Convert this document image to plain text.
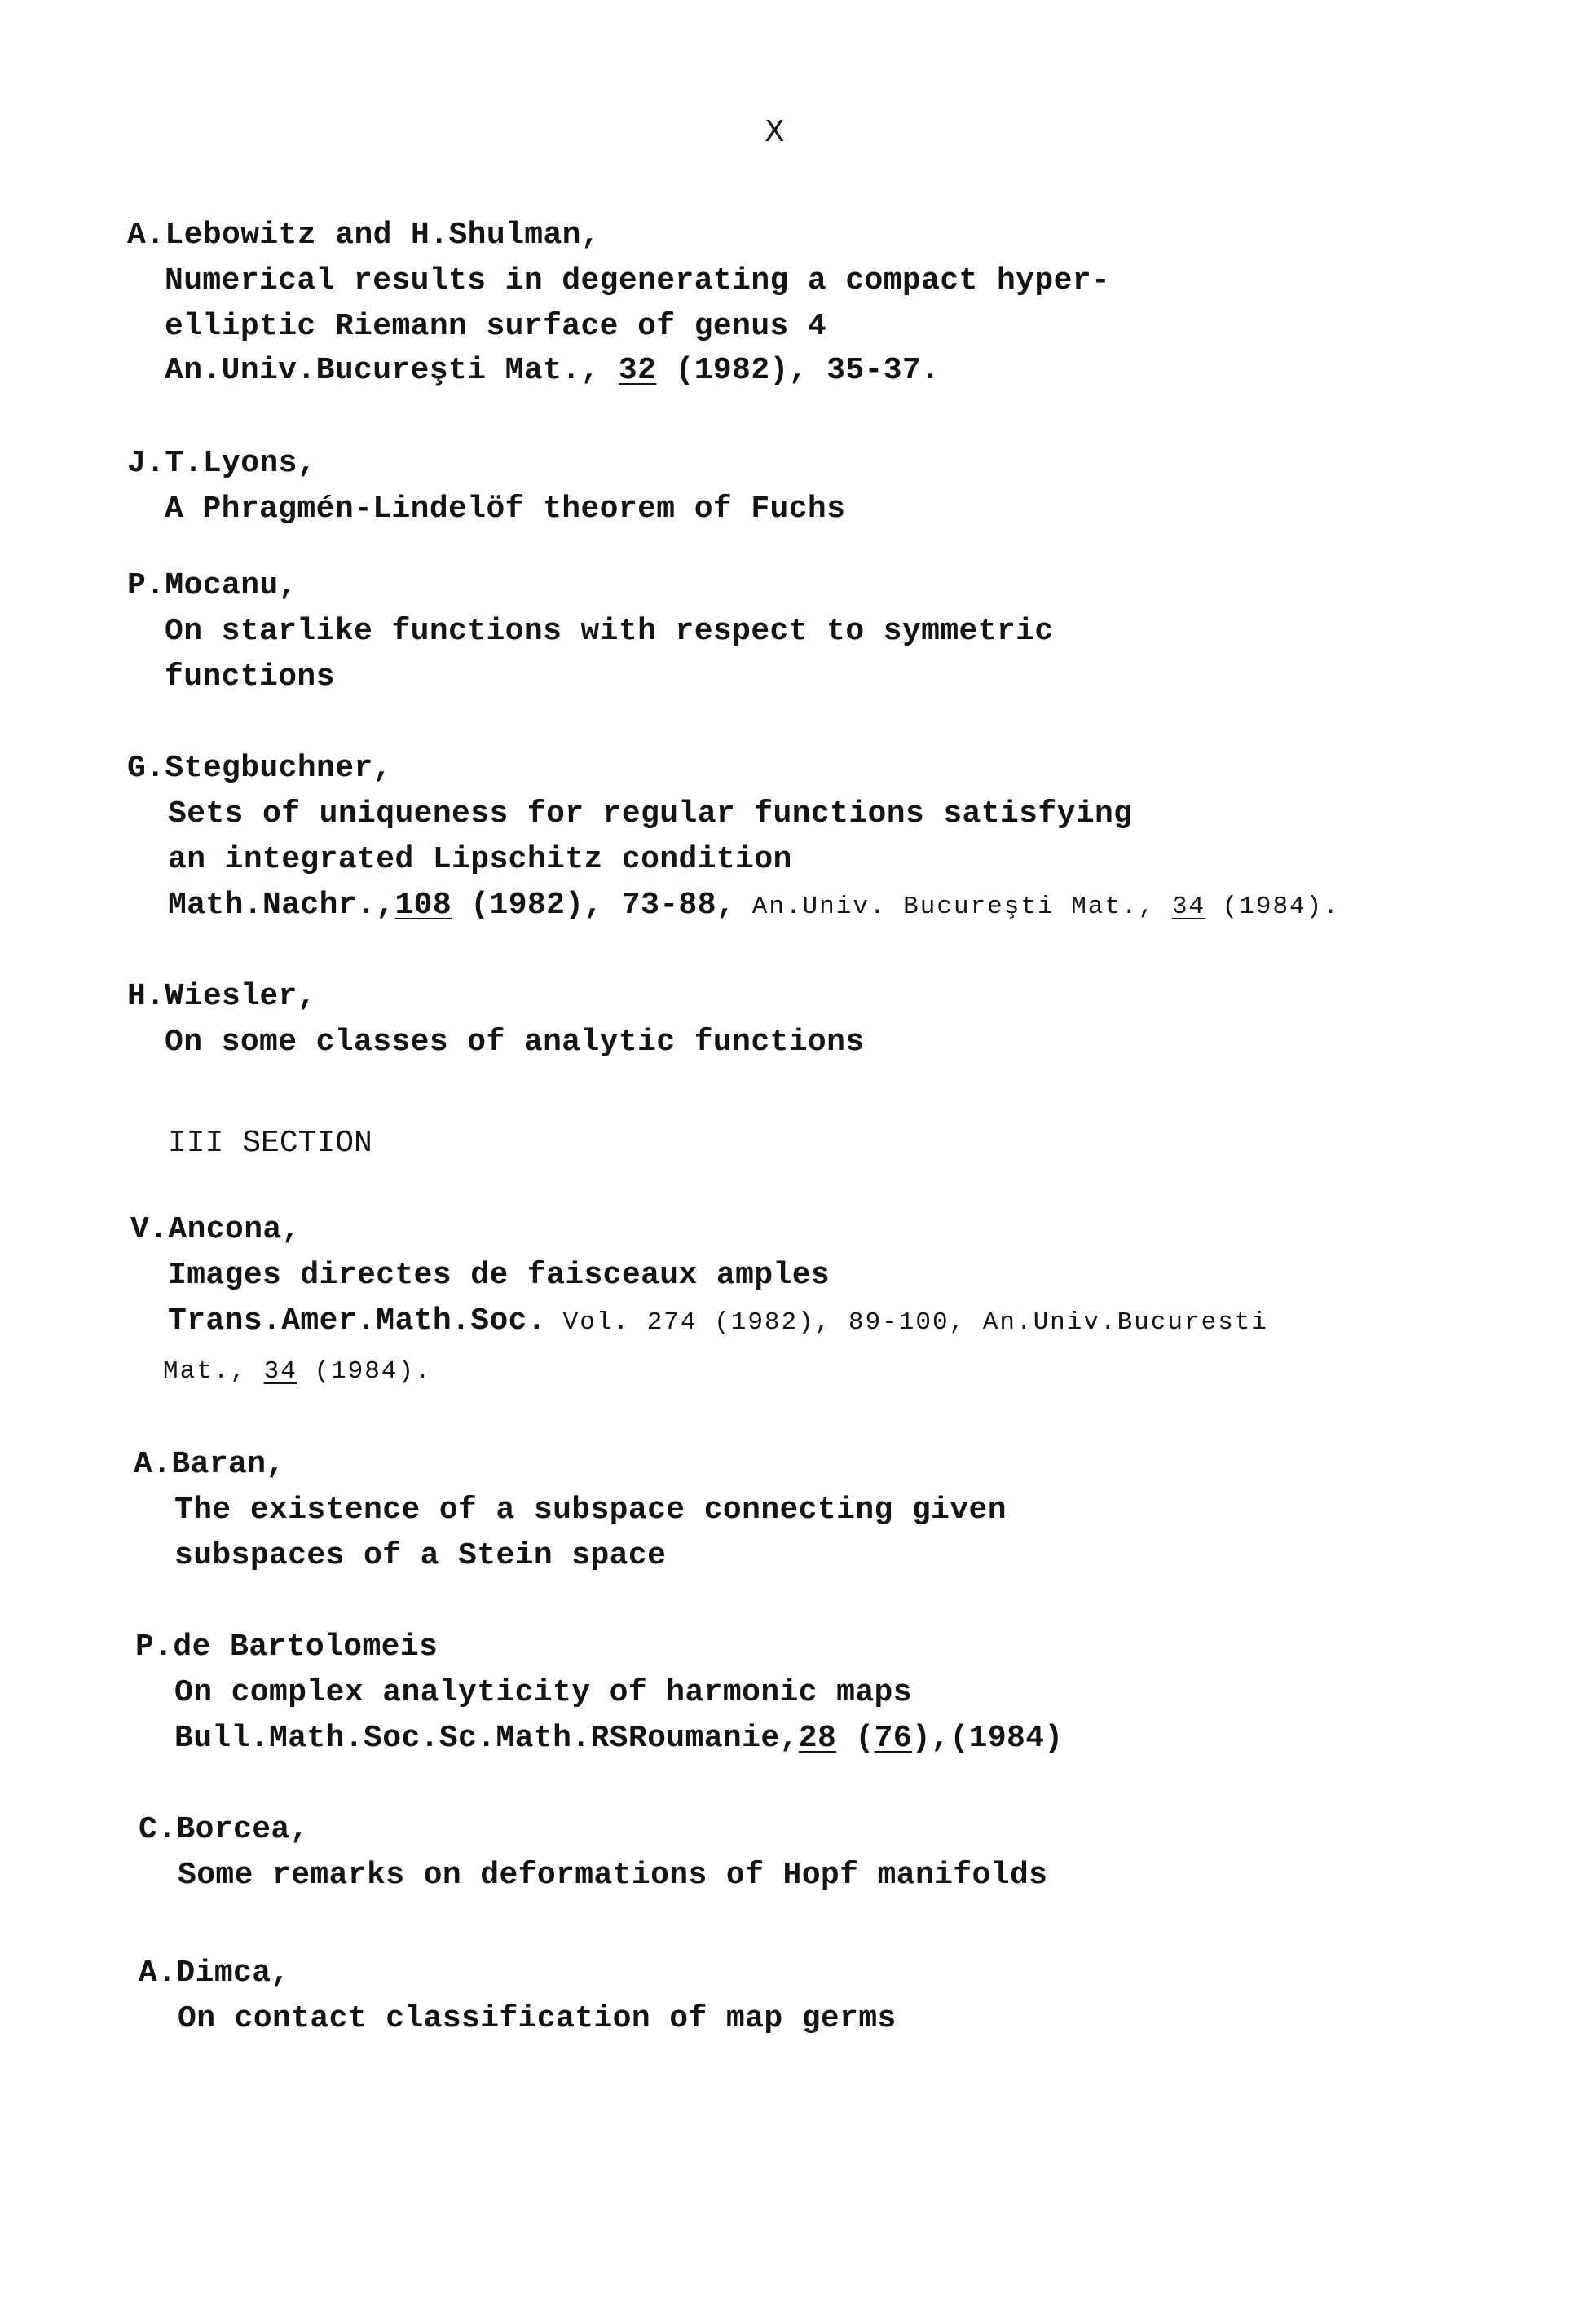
X
A.Lebowitz and H.Shulman,
Numerical results in degenerating a compact hyper-
elliptic Riemann surface of genus 4
An.Univ.Bucureşti Mat., 32 (1982), 35-37.
J.T.Lyons,
A Phragmén-Lindelöf theorem of Fuchs
P.Mocanu,
On starlike functions with respect to symmetric
functions
G.Stegbuchner,
Sets of uniqueness for regular functions satisfying
an integrated Lipschitz condition
Math.Nachr.,108 (1982), 73-88, An.Univ. Bucureşti Mat., 34 (1984).
H.Wiesler,
On some classes of analytic functions
III SECTION
V.Ancona,
Images directes de faisceaux amples
Trans.Amer.Math.Soc. Vol. 274 (1982), 89-100, An.Univ.Bucuresti
Mat., 34 (1984).
A.Baran,
The existence of a subspace connecting given
subspaces of a Stein space
P.de Bartolomeis
On complex analyticity of harmonic maps
Bull.Math.Soc.Sc.Math.RSRoumanie,28 (76),(1984)
C.Borcea,
Some remarks on deformations of Hopf manifolds
A.Dimca,
On contact classification of map germs
